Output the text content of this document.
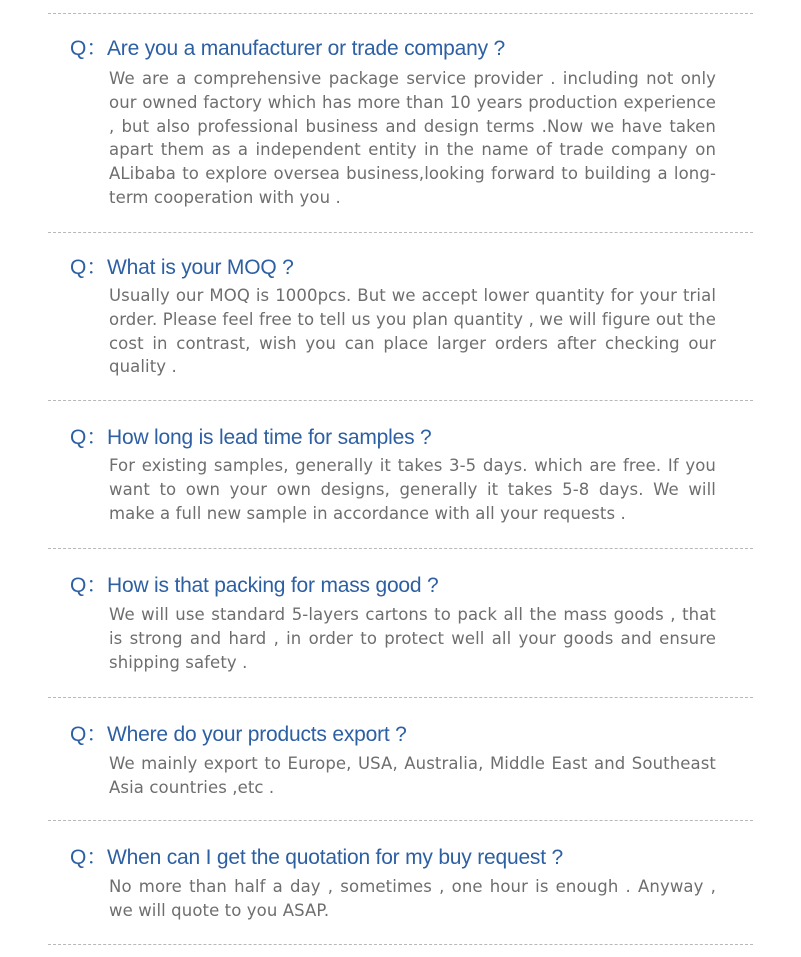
Q： Are you a manufacturer or trade company ?
We are a comprehensive package service provider . including not only our owned factory which has more than 10 years production experience , but also professional business and design terms .Now we have taken apart them as a independent entity in the name of trade company on ALibaba to explore oversea business,looking forward to building a long-term cooperation with you .
Q： What is your MOQ ?
Usually our MOQ is 1000pcs. But we accept lower quantity for your trial order. Please feel free to tell us you plan quantity , we will figure out the cost in contrast, wish you can place larger orders after checking our quality .
Q： How long is lead time for samples ?
For existing samples, generally it takes 3-5 days. which are free. If you want to own your own designs, generally it takes 5-8 days. We will make a full new sample in accordance with all your requests .
Q： How is that packing for mass good ?
We will use standard 5-layers cartons to pack all the mass goods , that is strong and hard , in order to protect well all your goods and ensure shipping safety .
Q： Where do your products export ?
We mainly export to Europe, USA, Australia, Middle East and Southeast Asia countries ,etc .
Q： When can I get the quotation for my buy request ?
No more than half a day , sometimes , one hour is enough . Anyway , we will quote to you ASAP.
